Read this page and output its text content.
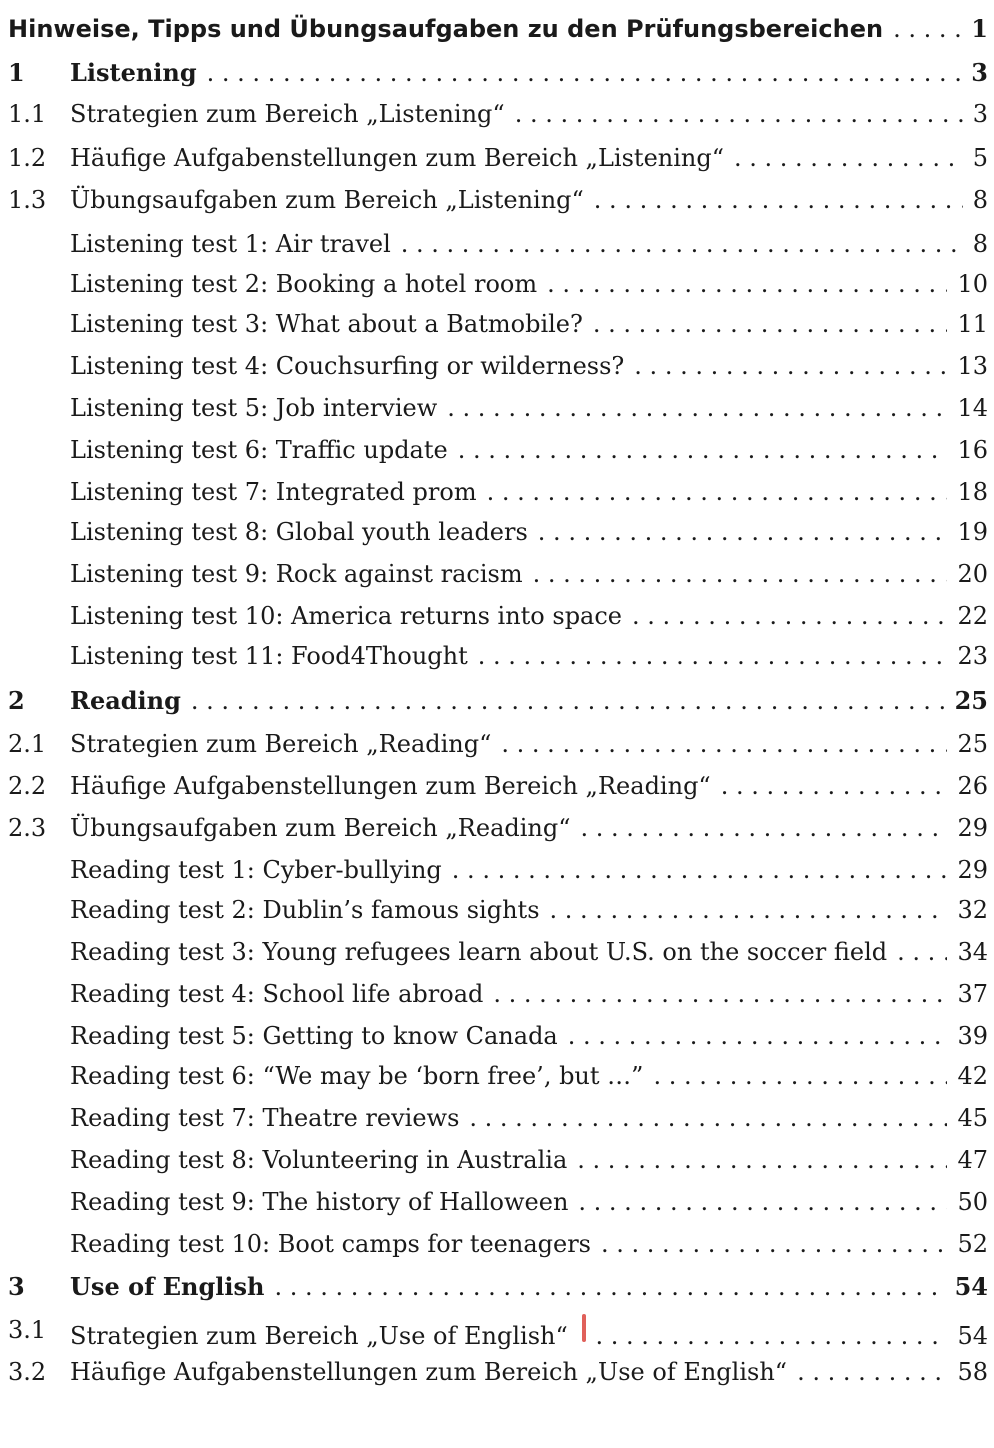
Hinweise, Tipps und Übungsaufgaben zu den Prüfungsbereichen . . .	1
1 Listening . . .	3
1.1 Strategien zum Bereich „Listening“ . . .	3
1.2 Häufige Aufgabenstellungen zum Bereich „Listening“ . . .	5
1.3 Übungsaufgaben zum Bereich „Listening“ . . .	8
Listening test 1: Air travel . . .	8
Listening test 2: Booking a hotel room . . .	10
Listening test 3: What about a Batmobile? . . .	11
Listening test 4: Couchsurfing or wilderness? . . .	13
Listening test 5: Job interview . . .	14
Listening test 6: Traffic update . . .	16
Listening test 7: Integrated prom . . .	18
Listening test 8: Global youth leaders . . .	19
Listening test 9: Rock against racism . . .	20
Listening test 10: America returns into space . . .	22
Listening test 11: Food4Thought . . .	23
2 Reading . . .	25
2.1 Strategien zum Bereich „Reading“ . . .	25
2.2 Häufige Aufgabenstellungen zum Bereich „Reading“ . . .	26
2.3 Übungsaufgaben zum Bereich „Reading“ . . .	29
Reading test 1: Cyber-bullying . . .	29
Reading test 2: Dublin’s famous sights . . .	32
Reading test 3: Young refugees learn about U.S. on the soccer field . . .	34
Reading test 4: School life abroad . . .	37
Reading test 5: Getting to know Canada . . .	39
Reading test 6: “We may be ‘born free’, but …” . . .	42
Reading test 7: Theatre reviews . . .	45
Reading test 8: Volunteering in Australia . . .	47
Reading test 9: The history of Halloween . . .	50
Reading test 10: Boot camps for teenagers . . .	52
3 Use of English . . .	54
3.1 Strategien zum Bereich „Use of English“ . . .	54
3.2 Häufige Aufgabenstellungen zum Bereich „Use of English“ . . .	58
